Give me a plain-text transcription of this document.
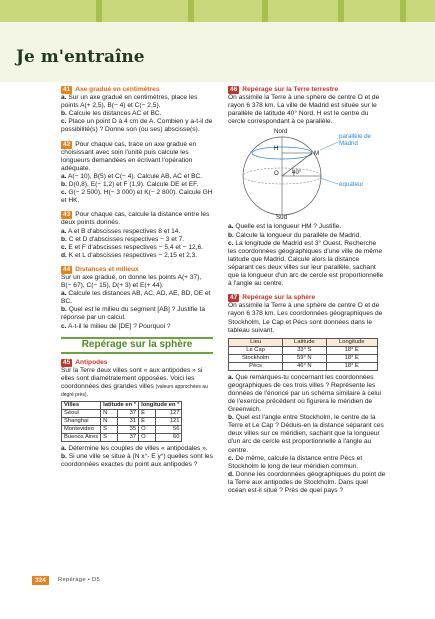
Je m'entraîne
41 Axe gradué en centimètres
a. Sur un axe gradué en centimètres, place les points A(+ 2,5), B(− 4) et C(− 2,5).
b. Calcule les distances AC et BC.
c. Place un point D à 4 cm de A. Combien y a-t-il de possibilité(s) ? Donne son (ou ses) abscisse(s).
42 Pour chaque cas, trace un axe gradué en choisissant avec soin l'unité puis calcule les longueurs demandées en écrivant l'opération adéquate.
a. A(− 10), B(5) et C(− 4). Calcule AB, AC et BC.
b. D(0,8), E(− 1,2) et F (1,9). Calcule DE et EF.
c. G(− 2 500), H(− 3 000) et K(− 2 800). Calcule GH et HK.
43 Pour chaque cas, calcule la distance entre les deux points donnés.
a. A et B d'abscisses respectives 8 et 14.
b. C et D d'abscisses respectives − 3 et 7.
c. E et F d'abscisses respectives − 5,4 et − 12,6.
d. K et L d'abscisses respectives − 2,15 et 2,3.
44 Distances et milieux
Sur un axe gradué, on donne les points A(+ 37), B(− 67), C(− 15), D(+ 3) et E(+ 44).
a. Calcule les distances AB, AC, AD, AE, BD, DE et BC.
b. Quel est le milieu du segment [AB] ? Justifie ta réponse par un calcul.
c. A-t-il le milieu de [DE] ? Pourquoi ?
Repérage sur la sphère
45 Antipodes
Sur la Terre deux villes sont « aux antipodes » si elles sont diamétralement opposées. Voici les coordonnées des grandes villes (valeurs approchées au degré près).
Villes	latitude en °		longitude en °	
Séoul	N	37	E	127
Shanghai	N	31	E	121
Montevideo	S	35	O	56
Buenos Aires	S	37	O	60
a. Détermine les couples de villes « antipodales ».
b. Si une ville se situe à (N x°- E y°) quelles sont les coordonnées exactes du point aux antipodes ?
46 Repérage sur la Terre terrestre
On assimile la Terre à une sphère de centre O et de rayon 6 378 km. La ville de Madrid est située sur le parallèle de latitude 40° Nord. H est le centre du cercle correspondant à ce parallèle.
Nord
Sud
H
O
M
40°
parallèle de Madrid
équateur
a. Quelle est la longueur HM ? Justifie.
b. Calcule la longueur du parallèle de Madrid.
c. La longitude de Madrid est 3° Ouest. Recherche les coordonnées géographiques d'une ville de même latitude que Madrid. Calcule alors la distance séparant ces deux villes sur leur parallèle, sachant que la longueur d'un arc de cercle est proportionnelle à l'angle au centre.
47 Repérage sur la sphère
On assimile la Terre à une sphère de centre O et de rayon 6 378 km. Les coordonnées géographiques de Stockholm, Le Cap et Pécs sont données dans le tableau suivant.
Lieu	Latitude	Longitude
Le Cap	33° S	18° E
Stockholm	59° N	18° E
Pécs	46° N	18° E
a. Que remarques-tu concernant les coordonnées géographiques de ces trois villes ? Représente les données de l'énoncé par un schéma similaire à celui de l'exercice précédent où figurera le méridien de Greenwich.
b. Quel est l'angle entre Stockholm, le centre de la Terre et Le Cap ? Déduis-en la distance séparant ces deux villes sur ce méridien, sachant que la longueur d'un arc de cercle est proportionnelle à l'angle au centre.
c. De même, calcule la distance entre Pécs et Stockholm le long de leur méridien commun.
d. Donne les coordonnées géographiques du point de la Terre aux antipodes de Stockholm. Dans quel océan est-il situé ? Près de quel pays ?
324	Repérage • D5
